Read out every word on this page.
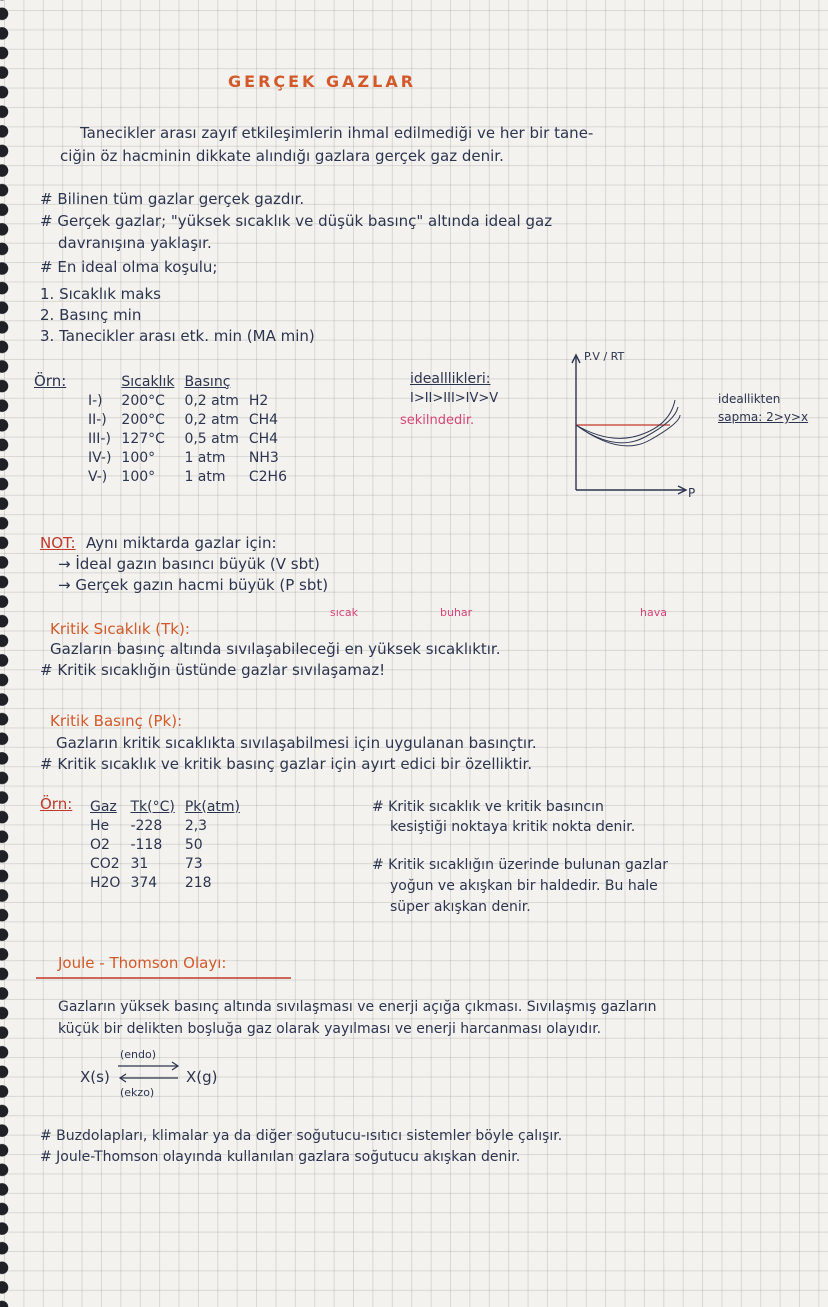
GERÇEK GAZLAR
Tanecikler arası zayıf etkileşimlerin ihmal edilmediği ve her bir tane-
ciğin öz hacminin dikkate alındığı gazlara gerçek gaz denir.
# Bilinen tüm gazlar gerçek gazdır.
# Gerçek gazlar; "yüksek sıcaklık ve düşük basınç" altında ideal gaz
davranışına yaklaşır.
# En ideal olma koşulu;
1. Sıcaklık maks
2. Basınç min
3. Tanecikler arası etk. min (MA min)
Örn:
		Sıcaklık	Basınç	
I-)	200°C	0,2 atm	H2
II-)	200°C	0,2 atm	CH4
III-)	127°C	0,5 atm	CH4
IV-)	100°	1 atm	NH3
V-)	100°	1 atm	C2H6
idealllikleri:
I>II>III>IV>V
sekilndedir.
P.V / RT
P
ideallikten
sapma: 2>y>x
NOT: Aynı miktarda gazlar için:
→ İdeal gazın basıncı büyük (V sbt)
→ Gerçek gazın hacmi büyük (P sbt)
Kritik Sıcaklık (Tk):
sıcak	buhar	hava
Gazların basınç altında sıvılaşabileceği en yüksek sıcaklıktır.
# Kritik sıcaklığın üstünde gazlar sıvılaşamaz!
Kritik Basınç (Pk):
Gazların kritik sıcaklıkta sıvılaşabilmesi için uygulanan basınçtır.
# Kritik sıcaklık ve kritik basınç gazlar için ayırt edici bir özelliktir.
Örn: Gaz	Tk(°C)	Pk(atm)
He	-228	2,3
O2	-118	50
CO2	31	73
H2O	374	218
# Kritik sıcaklık ve kritik basıncın
kesiştiği noktaya kritik nokta denir.
# Kritik sıcaklığın üzerinde bulunan gazlar
yoğun ve akışkan bir haldedir. Bu hale
süper akışkan denir.
Joule - Thomson Olayı:
Gazların yüksek basınç altında sıvılaşması ve enerji açığa çıkması. Sıvılaşmış gazların
küçük bir delikten boşluğa gaz olarak yayılması ve enerji harcanması olayıdır.
X(s)
(endo)
(ekzo)
X(g)
# Buzdolapları, klimalar ya da diğer soğutucu-ısıtıcı sistemler böyle çalışır.
# Joule-Thomson olayında kullanılan gazlara soğutucu akışkan denir.
